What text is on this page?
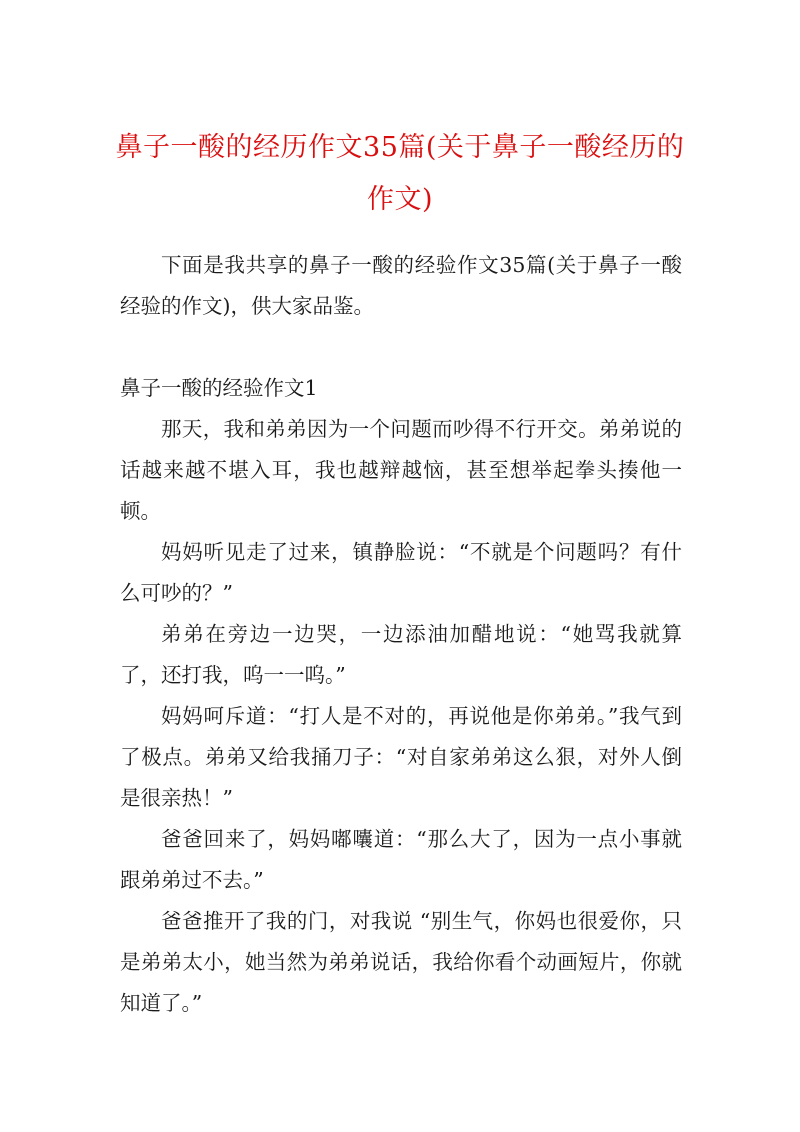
鼻子一酸的经历作文35篇(关于鼻子一酸经历的作文)

下面是我共享的鼻子一酸的经验作文35篇(关于鼻子一酸经验的作文)，供大家品鉴。

鼻子一酸的经验作文1

那天，我和弟弟因为一个问题而吵得不行开交。弟弟说的话越来越不堪入耳，我也越辩越恼，甚至想举起拳头揍他一顿。

妈妈听见走了过来，镇静脸说：“不就是个问题吗？有什么可吵的？”

弟弟在旁边一边哭，一边添油加醋地说：“她骂我就算了，还打我，呜一一呜。”

妈妈呵斥道：“打人是不对的，再说他是你弟弟。”我气到了极点。弟弟又给我捅刀子：“对自家弟弟这么狠，对外人倒是很亲热！”

爸爸回来了，妈妈嘟囔道：“那么大了，因为一点小事就跟弟弟过不去。”

爸爸推开了我的门，对我说 “别生气，你妈也很爱你，只是弟弟太小，她当然为弟弟说话，我给你看个动画短片，你就知道了。”
